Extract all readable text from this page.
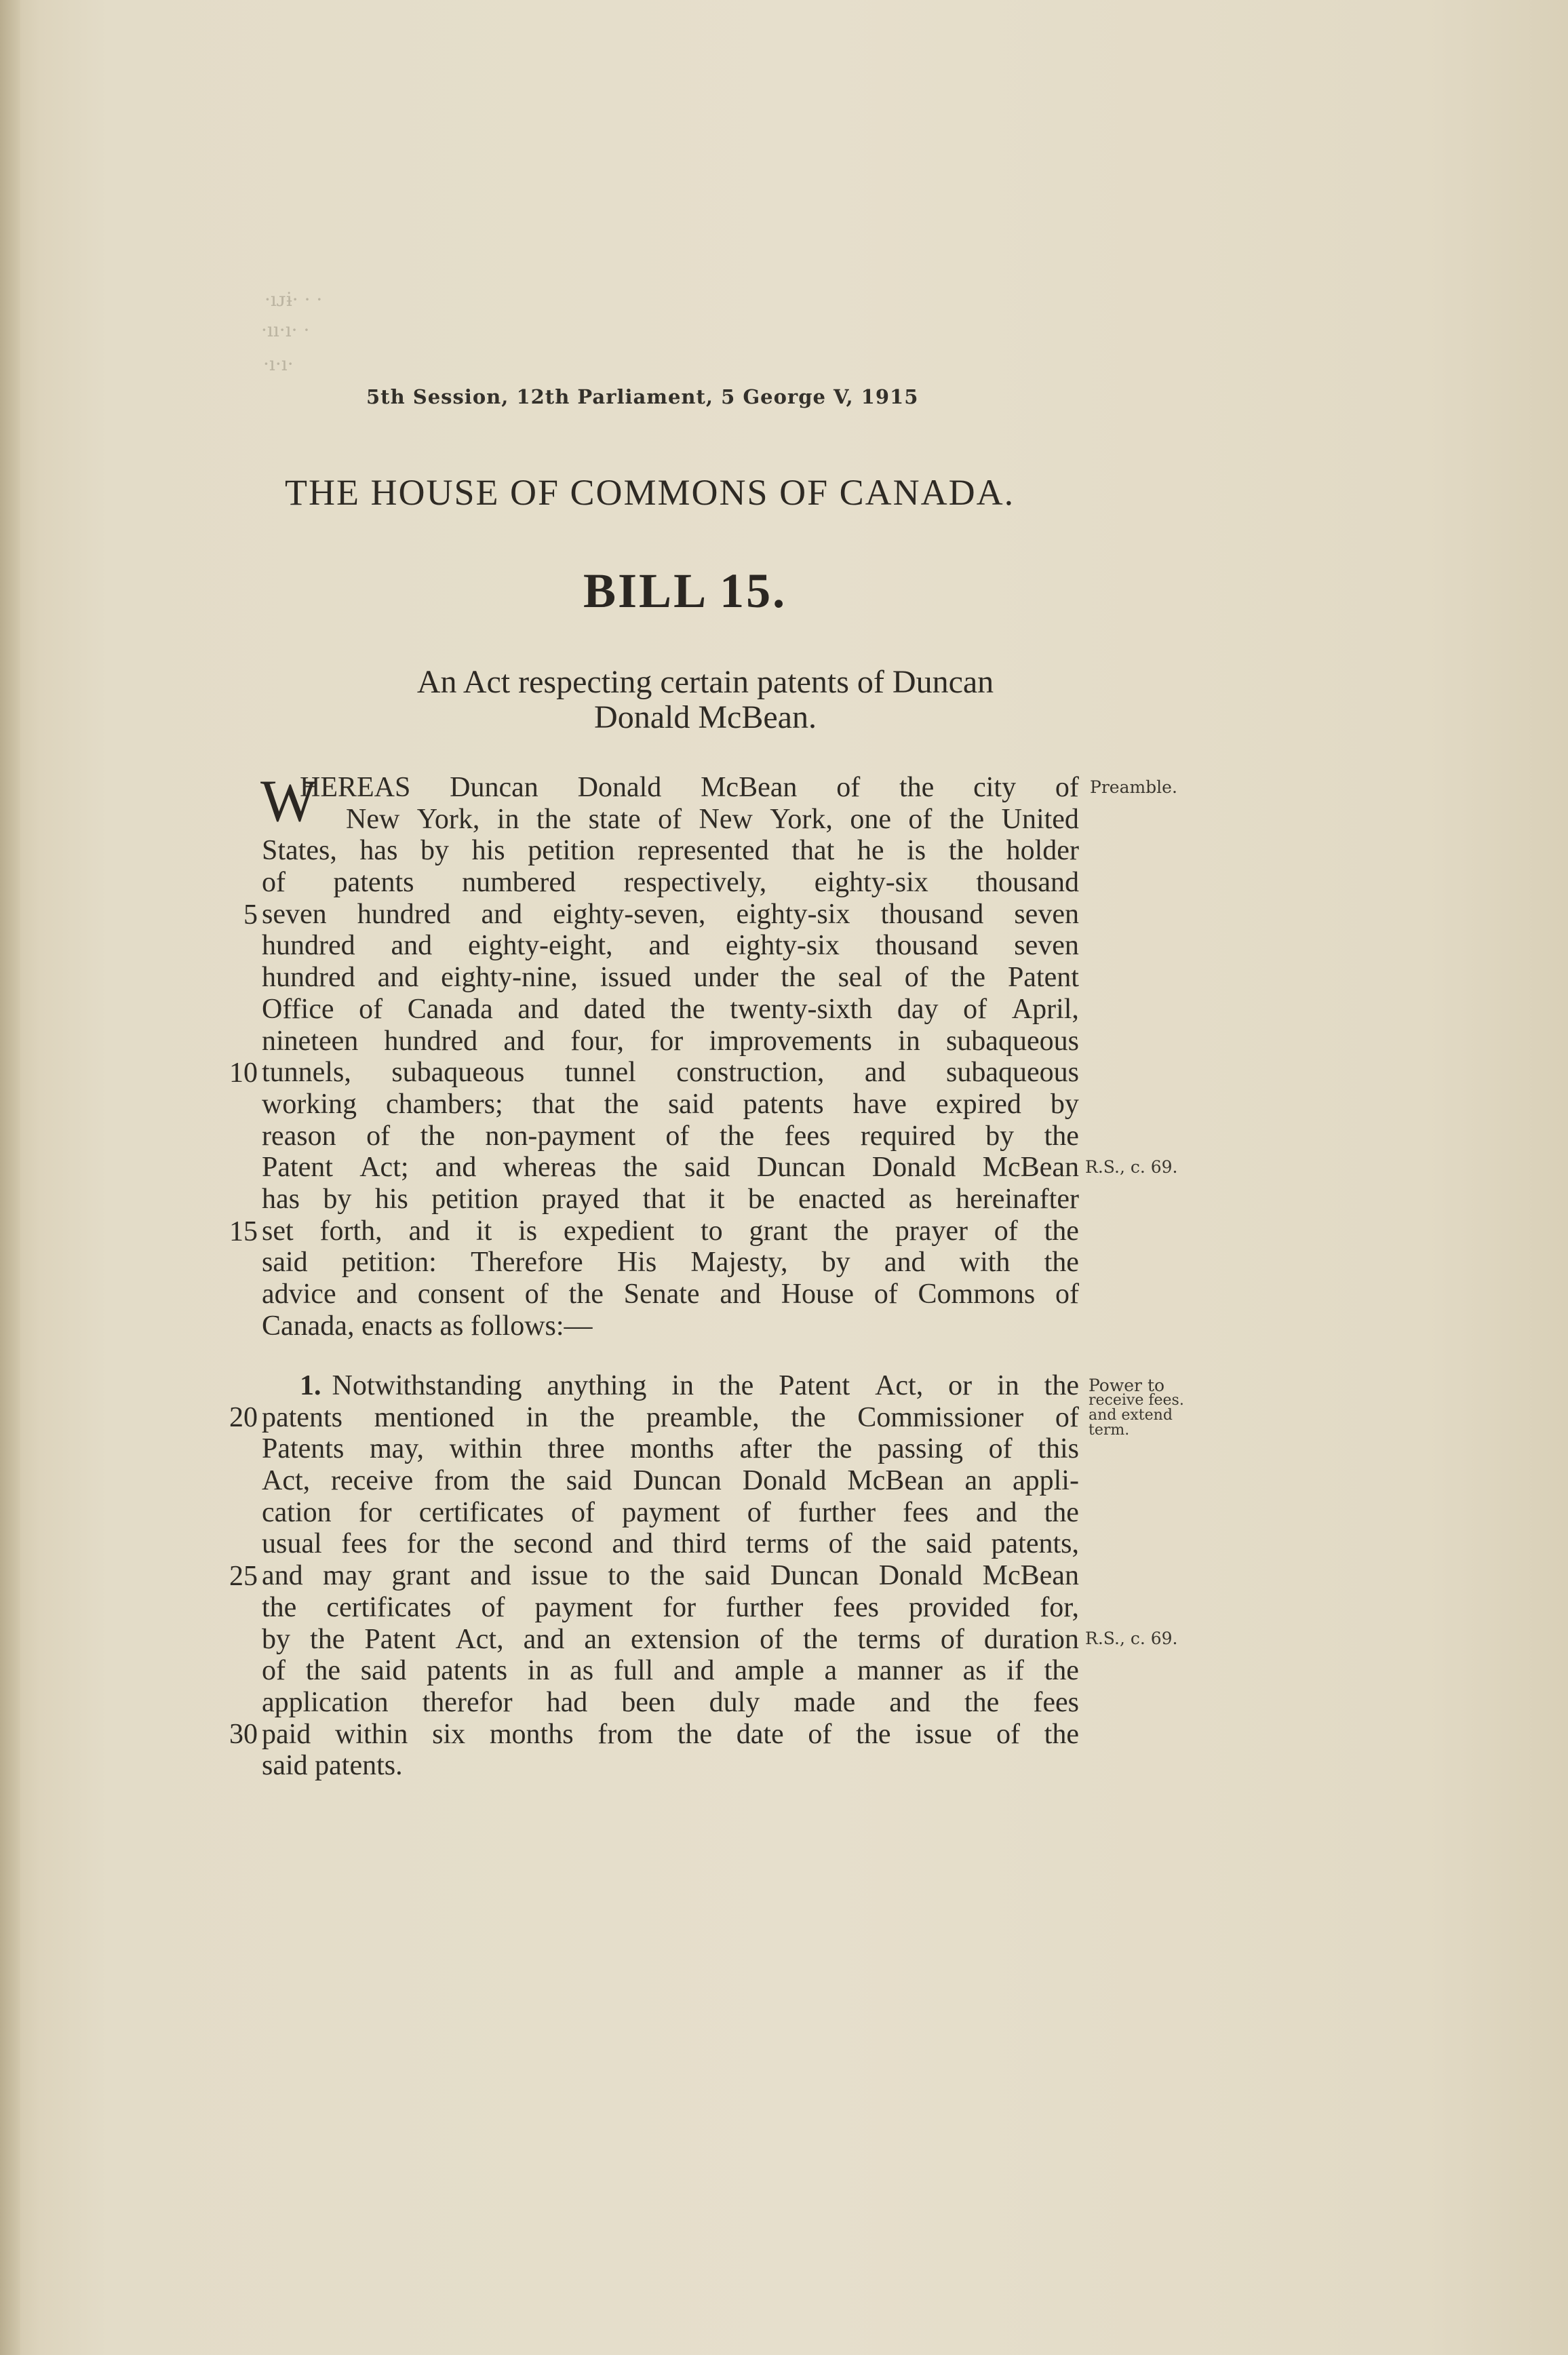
·ıᴊɨ· · ·
·ıı·ı· ·
·ı·ı·
5th Session, 12th Parliament, 5 George V, 1915
THE HOUSE OF COMMONS OF CANADA.
BILL 15.
An Act respecting certain patents of Duncan
Donald McBean.
W
HEREAS Duncan Donald McBean of the city of
New York, in the state of New York, one of the United
States, has by his petition represented that he is the holder
of patents numbered respectively, eighty-six thousand
seven hundred and eighty-seven, eighty-six thousand seven
hundred and eighty-eight, and eighty-six thousand seven
hundred and eighty-nine, issued under the seal of the Patent
Office of Canada and dated the twenty-sixth day of April,
nineteen hundred and four, for improvements in subaqueous
tunnels, subaqueous tunnel construction, and subaqueous
working chambers; that the said patents have expired by
reason of the non-payment of the fees required by the
Patent Act; and whereas the said Duncan Donald McBean
has by his petition prayed that it be enacted as hereinafter
set forth, and it is expedient to grant the prayer of the
said petition: Therefore His Majesty, by and with the
advice and consent of the Senate and House of Commons of
Canada, enacts as follows:—
5
10
15
Preamble.
R.S., c. 69.
1. Notwithstanding anything in the Patent Act, or in the
patents mentioned in the preamble, the Commissioner of
Patents may, within three months after the passing of this
Act, receive from the said Duncan Donald McBean an appli-
cation for certificates of payment of further fees and the
usual fees for the second and third terms of the said patents,
and may grant and issue to the said Duncan Donald McBean
the certificates of payment for further fees provided for,
by the Patent Act, and an extension of the terms of duration
of the said patents in as full and ample a manner as if the
application therefor had been duly made and the fees
paid within six months from the date of the issue of the
said patents.
20
25
30
Power to
receive fees.
and extend
term.
R.S., c. 69.
